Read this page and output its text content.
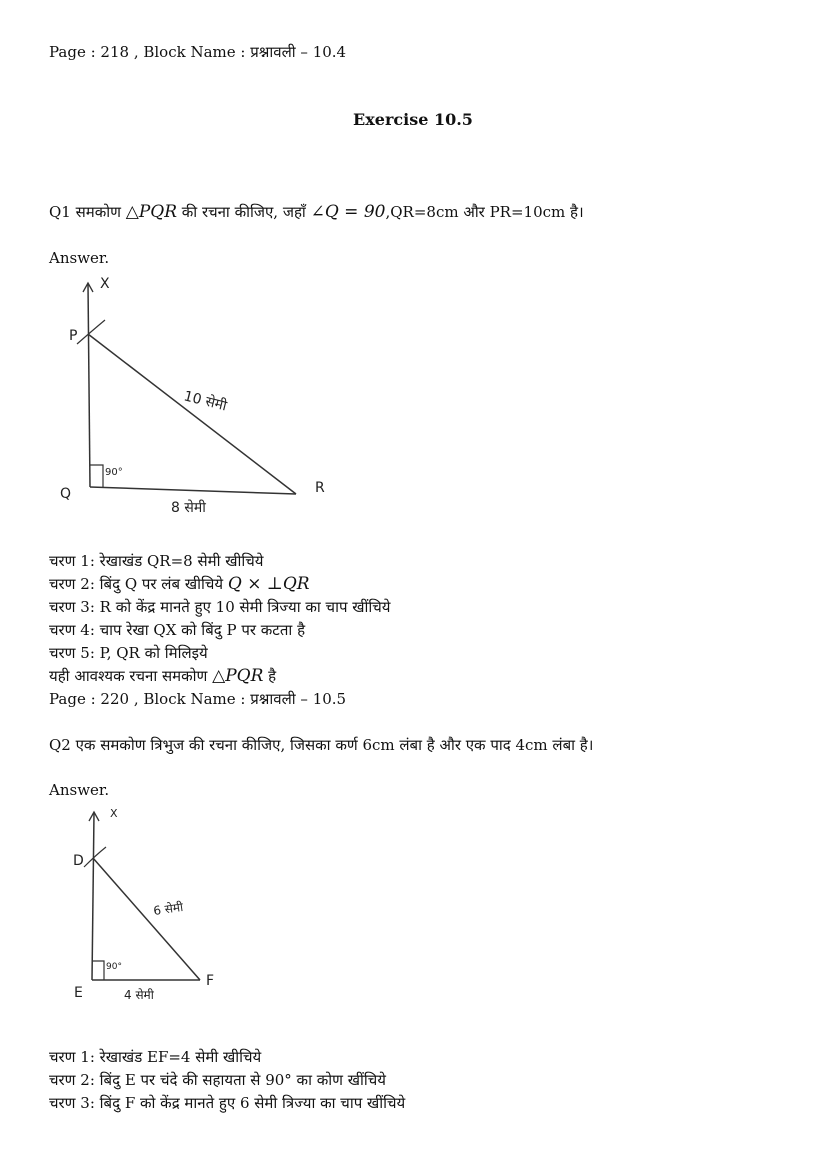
Page : 218 , Block Name : प्रश्नावली – 10.4
Exercise 10.5
Q1 समकोण △PQR की रचना कीजिए, जहाँ ∠Q = 90,QR=8cm और PR=10cm है।
Answer.
X
P
Q	R
10 सेमी
8 सेमी
90°
चरण 1: रेखाखंड QR=8 सेमी खीचिये
चरण 2: बिंदु Q पर लंब खीचिये Q × ⊥QR
चरण 3: R को केंद्र मानते हुए 10 सेमी त्रिज्या का चाप खींचिये
चरण 4: चाप रेखा QX को बिंदु P पर कटता है
चरण 5: P, QR को मिलिइये
यही आवश्यक रचना समकोण △PQR है
Page : 220 , Block Name : प्रश्नावली – 10.5
Q2 एक समकोण त्रिभुज की रचना कीजिए, जिसका कर्ण 6cm लंबा है और एक पाद 4cm लंबा है।
Answer.
X
D
E
F
6 सेमी
4 सेमी
90°
चरण 1: रेखाखंड EF=4 सेमी खीचिये
चरण 2: बिंदु E पर चंदे की सहायता से 90° का कोण खींचिये
चरण 3: बिंदु F को केंद्र मानते हुए 6 सेमी त्रिज्या का चाप खींचिये
